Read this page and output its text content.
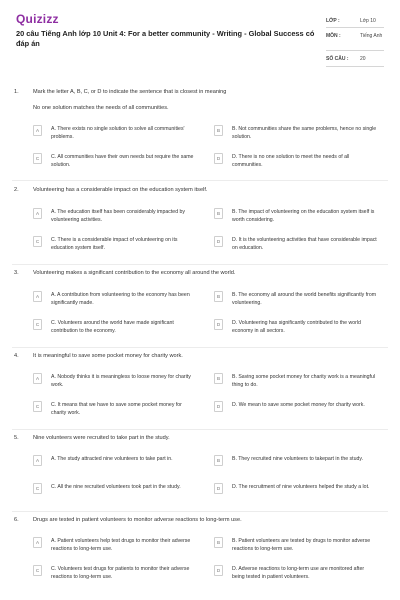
Quizizz
20 câu Tiếng Anh lớp 10 Unit 4: For a better community - Writing - Global Success có đáp án
LỚP :	Lớp 10
MÔN :	Tiếng Anh
SỐ CÂU : 20
1.	Mark the letter A, B, C, or D to indicate the sentence that is closest in meaning
No one solution matches the needs of all communities.
A	A. There exists no single solution to solve all communities' problems.
B	B. Not communities share the same problems, hence no single solution.
C	C. All communities have their own needs but require the same solution.
D	D. There is no one solution to meet the needs of all communities.
2.	Volunteering has a considerable impact on the education system itself.
A	A. The education itself has been considerably impacted by volunteering activities.
B	B. The impact of volunteering on the education system itself is worth considering.
C	C. There is a considerable impact of volunteering on its education system itself.
D	D. It is the volunteering activities that have considerable impact on education.
3.	Volunteering makes a significant contribution to the economy all around the world.
A	A. A contribution from volunteering to the economy has been significantly made.
B	B. The economy all around the world benefits significantly from volunteering.
C	C. Volunteers around the world have made significant contribution to the economy.
D	D. Volunteering has significantly contributed to the world economy in all sectors.
4.	It is meaningful to save some pocket money for charity work.
A	A. Nobody thinks it is meaningless to loose money for charity work.
B	B. Saving some pocket money for charity work is a meaningful thing to do.
C	C. It means that we have to save some pocket money for charity work.
D	D. We mean to save some pocket money for charity work.
5.	Nine volunteers were recruited to take part in the study.
A	A. The study attracted nine volunteers to take part in.	B	B. They recruited nine volunteers to takepart in the study.
C	C. All the nine recruited volunteers took part in the study.	D	D. The recruitment of nine volunteers helped the study a lot.
6.	Drugs are tested in patient volunteers to monitor adverse reactions to long-term use.
A	A. Patient volunteers help test drugs to monitor their adverse reactions to long-term use.
B	B. Patient volunteers are tested by drugs to monitor adverse reactions to long-term use.
C	C. Volunteers test drugs for patients to monitor their adverse reactions to long-term use.
D	D. Adverse reactions to long-term use are monitored after being tested in patient volunteers.
